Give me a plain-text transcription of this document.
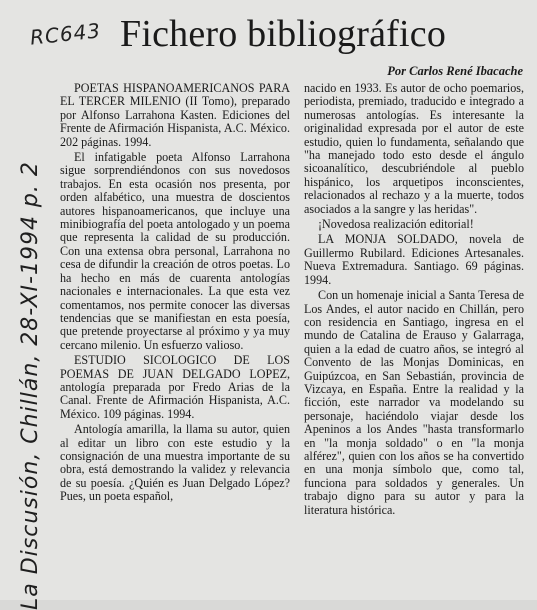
RC643 Fichero bibliográfico
Por Carlos René Ibacache
La Discusión, Chillán, 28-XI-1994 p. 2

POETAS HISPANOAMERICANOS PARA EL TERCER MILENIO (II Tomo), preparado por Alfonso Larrahona Kasten. Ediciones del Frente de Afirmación Hispanista, A.C. México. 202 páginas. 1994.

El infatigable poeta Alfonso Larrahona sigue sorprendiéndonos con sus novedosos trabajos. En esta ocasión nos presenta, por orden alfabético, una muestra de doscientos autores hispanoamericanos, que incluye una minibiografía del poeta antologado y un poema que representa la calidad de su producción. Con una extensa obra personal, Larrahona no cesa de difundir la creación de otros poetas. Lo ha hecho en más de cuarenta antologías nacionales e internacionales. La que esta vez comentamos, nos permite conocer las diversas tendencias que se manifiestan en esta poesía, que pretende proyectarse al próximo y ya muy cercano milenio. Un esfuerzo valioso.

ESTUDIO SICOLOGICO DE LOS POEMAS DE JUAN DELGADO LOPEZ, antología preparada por Fredo Arias de la Canal. Frente de Afirmación Hispanista, A.C. México. 109 páginas. 1994.

Antología amarilla, la llama su autor, quien al editar un libro con este estudio y la consignación de una muestra importante de su obra, está demostrando la validez y relevancia de su poesía. ¿Quién es Juan Delgado López? Pues, un poeta español,

nacido en 1933. Es autor de ocho poemarios, periodista, premiado, traducido e integrado a numerosas antologías. Es interesante la originalidad expresada por el autor de este estudio, quien lo fundamenta, señalando que "ha manejado todo esto desde el ángulo sicoanalítico, descubriéndole al pueblo hispánico, los arquetipos inconscientes, relacionados al rechazo y a la muerte, todos asociados a la sangre y las heridas".

¡Novedosa realización editorial!

LA MONJA SOLDADO, novela de Guillermo Rubilard. Ediciones Artesanales. Nueva Extremadura. Santiago. 69 páginas. 1994.

Con un homenaje inicial a Santa Teresa de Los Andes, el autor nacido en Chillán, pero con residencia en Santiago, ingresa en el mundo de Catalina de Erauso y Galarraga, quien a la edad de cuatro años, se integró al Convento de las Monjas Dominicas, en Guipúzcoa, en San Sebastián, provincia de Vizcaya, en España. Entre la realidad y la ficción, este narrador va modelando su personaje, haciéndolo viajar desde los Apeninos a los Andes "hasta transformarlo en "la monja soldado" o en "la monja alférez", quien con los años se ha convertido en una monja símbolo que, como tal, funciona para soldados y generales. Un trabajo digno para su autor y para la literatura histórica.
